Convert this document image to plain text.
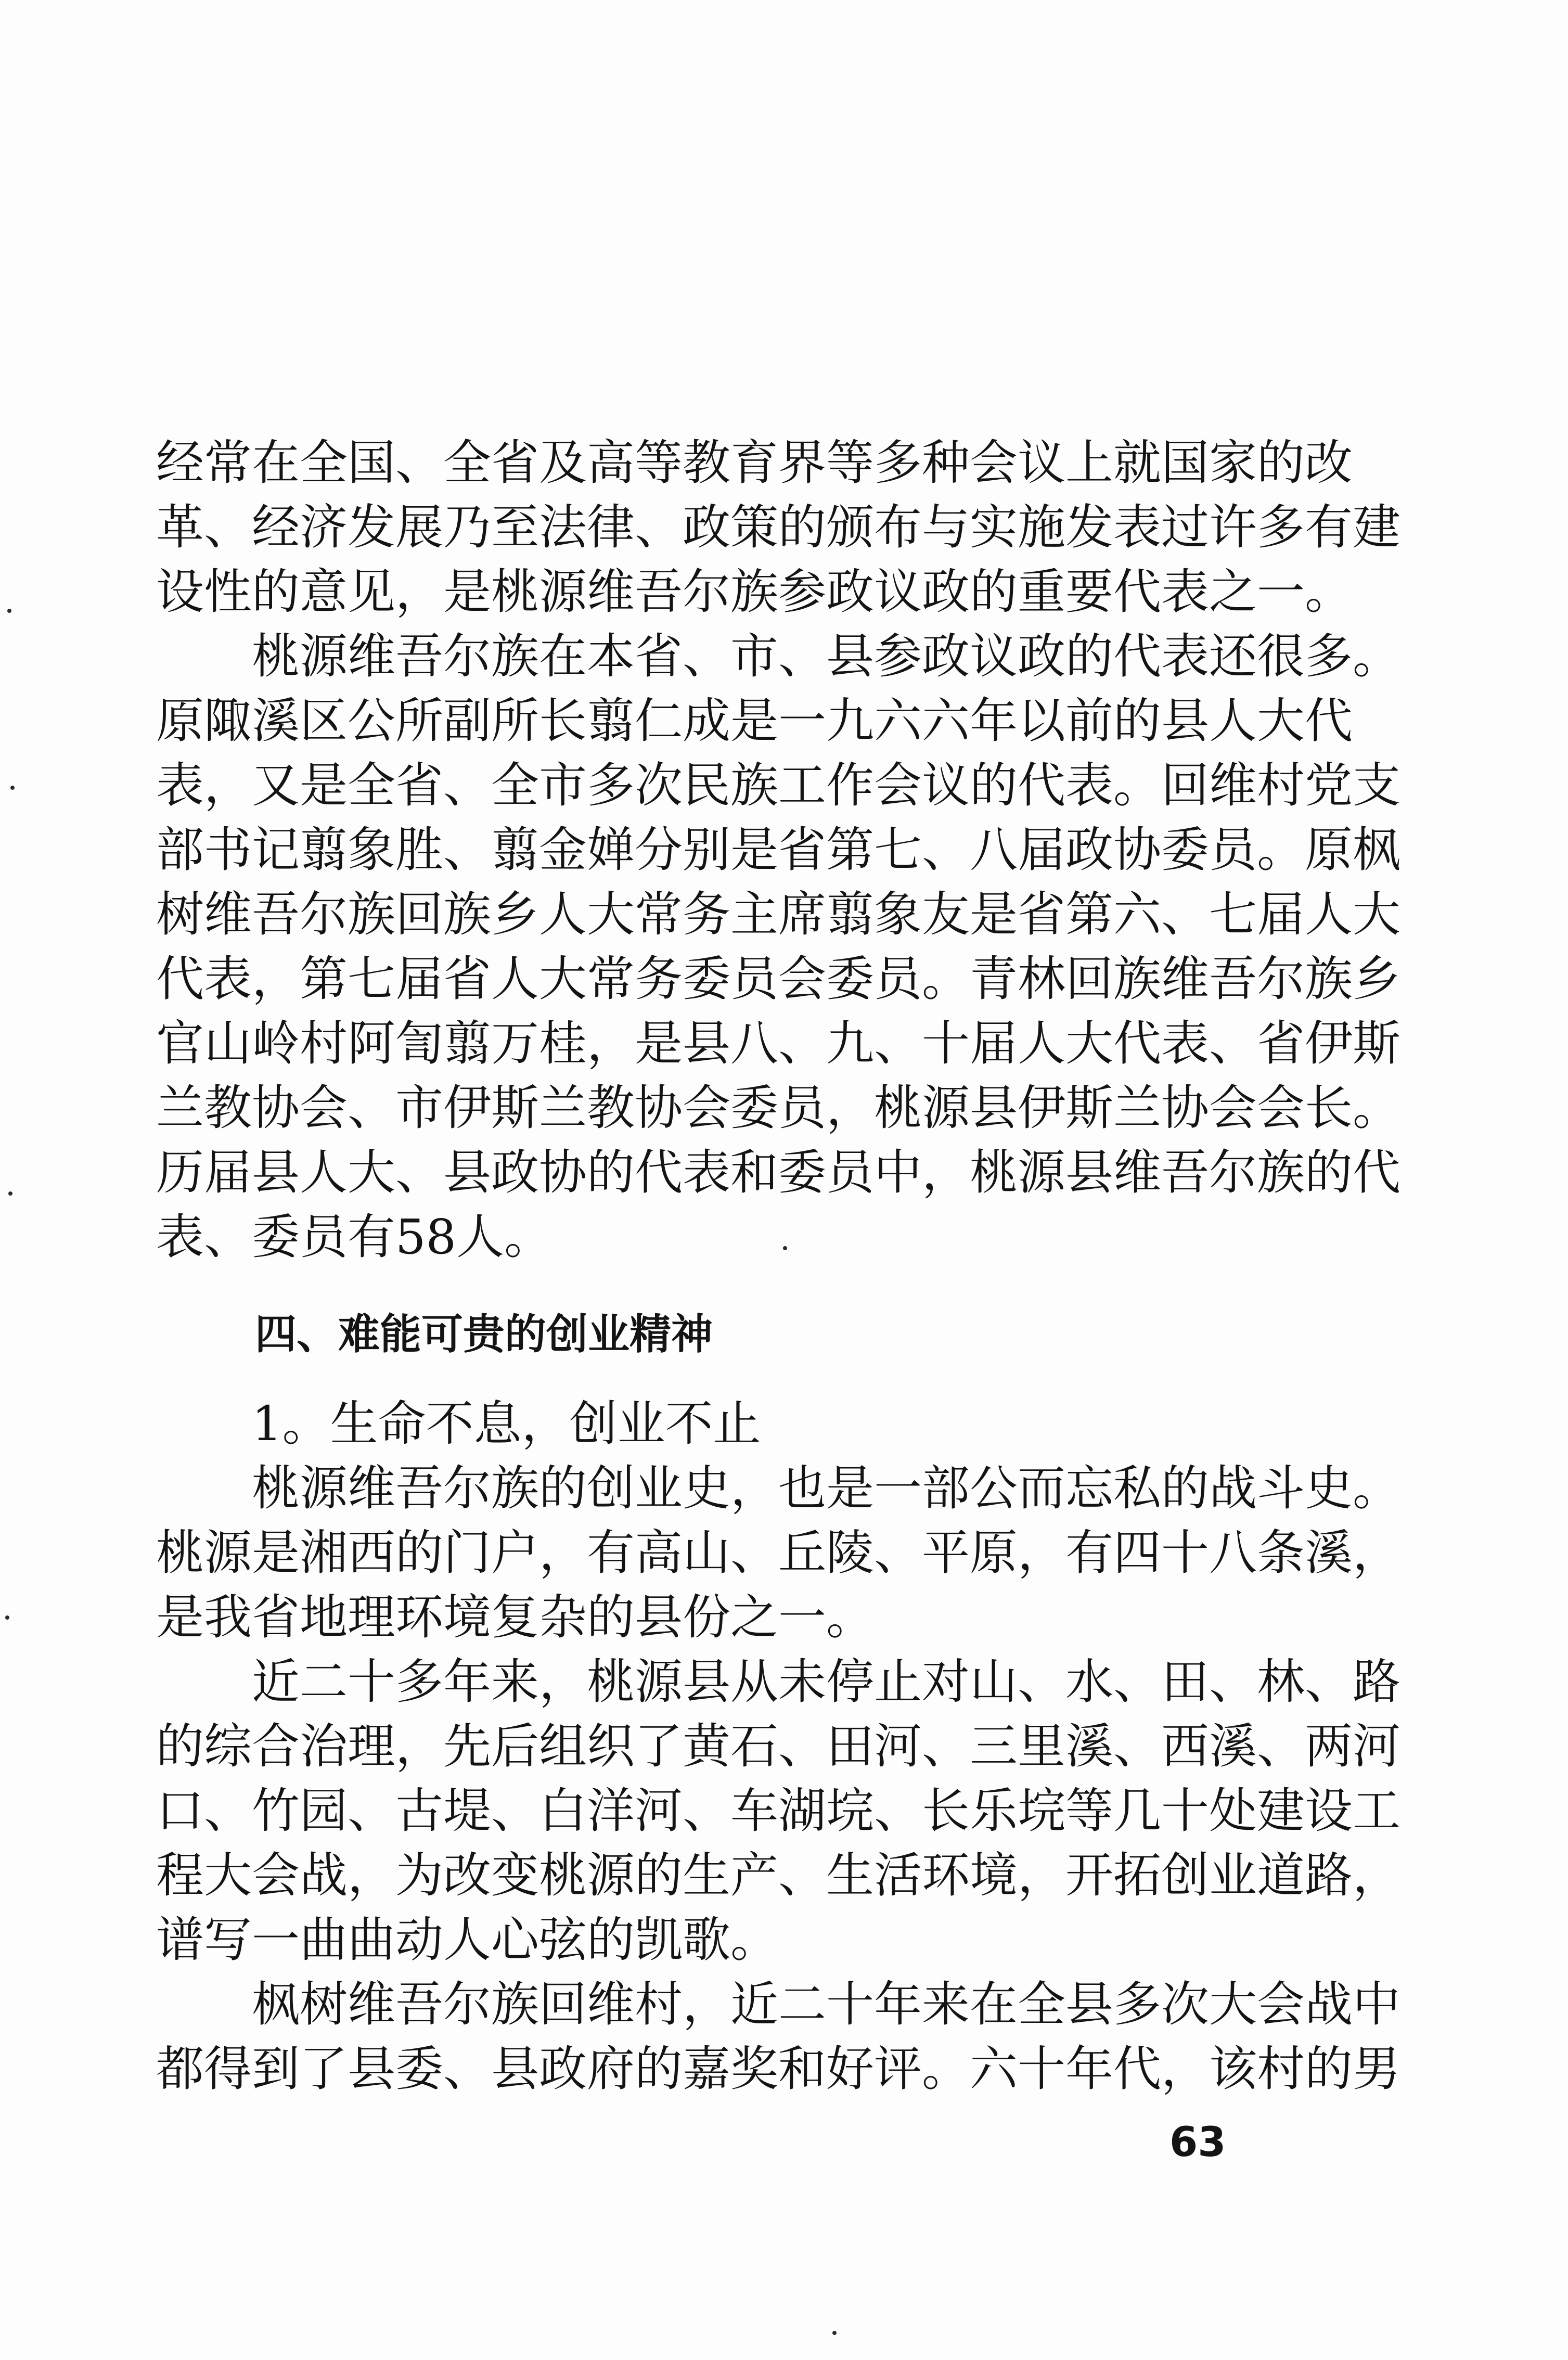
经常在全国、全省及高等教育界等多种会议上就国家的改
革、经济发展乃至法律、政策的颁布与实施发表过许多有建
设性的意见，是桃源维吾尔族参政议政的重要代表之一。
桃源维吾尔族在本省、市、县参政议政的代表还很多。
原陬溪区公所副所长翦仁成是一九六六年以前的县人大代
表，又是全省、全市多次民族工作会议的代表。回维村党支
部书记翦象胜、翦金婵分别是省第七、八届政协委员。原枫
树维吾尔族回族乡人大常务主席翦象友是省第六、七届人大
代表，第七届省人大常务委员会委员。青林回族维吾尔族乡
官山岭村阿訇翦万桂，是县八、九、十届人大代表、省伊斯
兰教协会、市伊斯兰教协会委员，桃源县伊斯兰协会会长。
历届县人大、县政协的代表和委员中，桃源县维吾尔族的代
表、委员有58人。
四、难能可贵的创业精神
1。生命不息，创业不止
桃源维吾尔族的创业史，也是一部公而忘私的战斗史。
桃源是湘西的门户，有高山、丘陵、平原，有四十八条溪，
是我省地理环境复杂的县份之一。
近二十多年来，桃源县从未停止对山、水、田、林、路
的综合治理，先后组织了黄石、田河、三里溪、西溪、两河
口、竹园、古堤、白洋河、车湖垸、长乐垸等几十处建设工
程大会战，为改变桃源的生产、生活环境，开拓创业道路，
谱写一曲曲动人心弦的凯歌。
枫树维吾尔族回维村，近二十年来在全县多次大会战中
都得到了县委、县政府的嘉奖和好评。六十年代，该村的男
63
